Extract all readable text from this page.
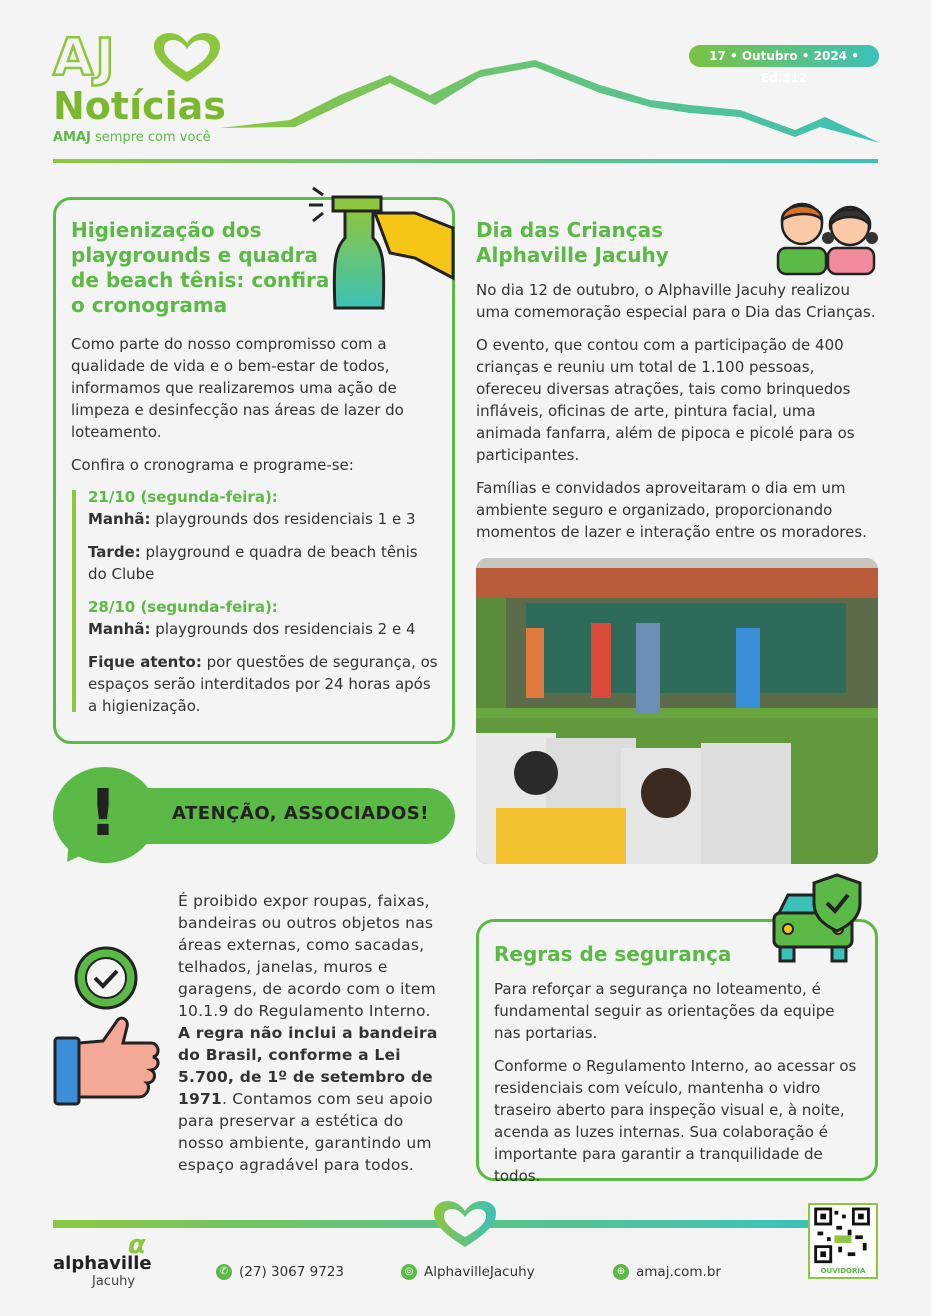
AJ
Notícias
AMAJ sempre com você
17 • Outubro • 2024 • Ed.312
Higienização dos playgrounds e quadra de beach tênis: confira o cronograma

Como parte do nosso compromisso com a qualidade de vida e o bem-estar de todos, informamos que realizaremos uma ação de limpeza e desinfecção nas áreas de lazer do loteamento.

Confira o cronograma e programe-se:

21/10 (segunda-feira):
Manhã: playgrounds dos residenciais 1 e 3
Tarde: playground e quadra de beach tênis do Clube
28/10 (segunda-feira):
Manhã: playgrounds dos residenciais 2 e 4
Fique atento: por questões de segurança, os espaços serão interditados por 24 horas após a higienização.
!	ATENÇÃO, ASSOCIADOS!
É proibido expor roupas, faixas, bandeiras ou outros objetos nas áreas externas, como sacadas, telhados, janelas, muros e garagens, de acordo com o item 10.1.9 do Regulamento Interno. A regra não inclui a bandeira do Brasil, conforme a Lei 5.700, de 1º de setembro de 1971. Contamos com seu apoio para preservar a estética do nosso ambiente, garantindo um espaço agradável para todos.
Dia das Crianças Alphaville Jacuhy

No dia 12 de outubro, o Alphaville Jacuhy realizou uma comemoração especial para o Dia das Crianças.

O evento, que contou com a participação de 400 crianças e reuniu um total de 1.100 pessoas, ofereceu diversas atrações, tais como brinquedos infláveis, oficinas de arte, pintura facial, uma animada fanfarra, além de pipoca e picolé para os participantes.

Famílias e convidados aproveitaram o dia em um ambiente seguro e organizado, proporcionando momentos de lazer e interação entre os moradores.

Regras de segurança

Para reforçar a segurança no loteamento, é fundamental seguir as orientações da equipe nas portarias.

Conforme o Regulamento Interno, ao acessar os residenciais com veículo, mantenha o vidro traseiro aberto para inspeção visual e, à noite, acenda as luzes internas. Sua colaboração é importante para garantir a tranquilidade de todos.

α
alphaville
Jacuhy
✆ (27) 3067 9723	◎ AlphavilleJacuhy	⊕ amaj.com.br	OUVIDORIA
